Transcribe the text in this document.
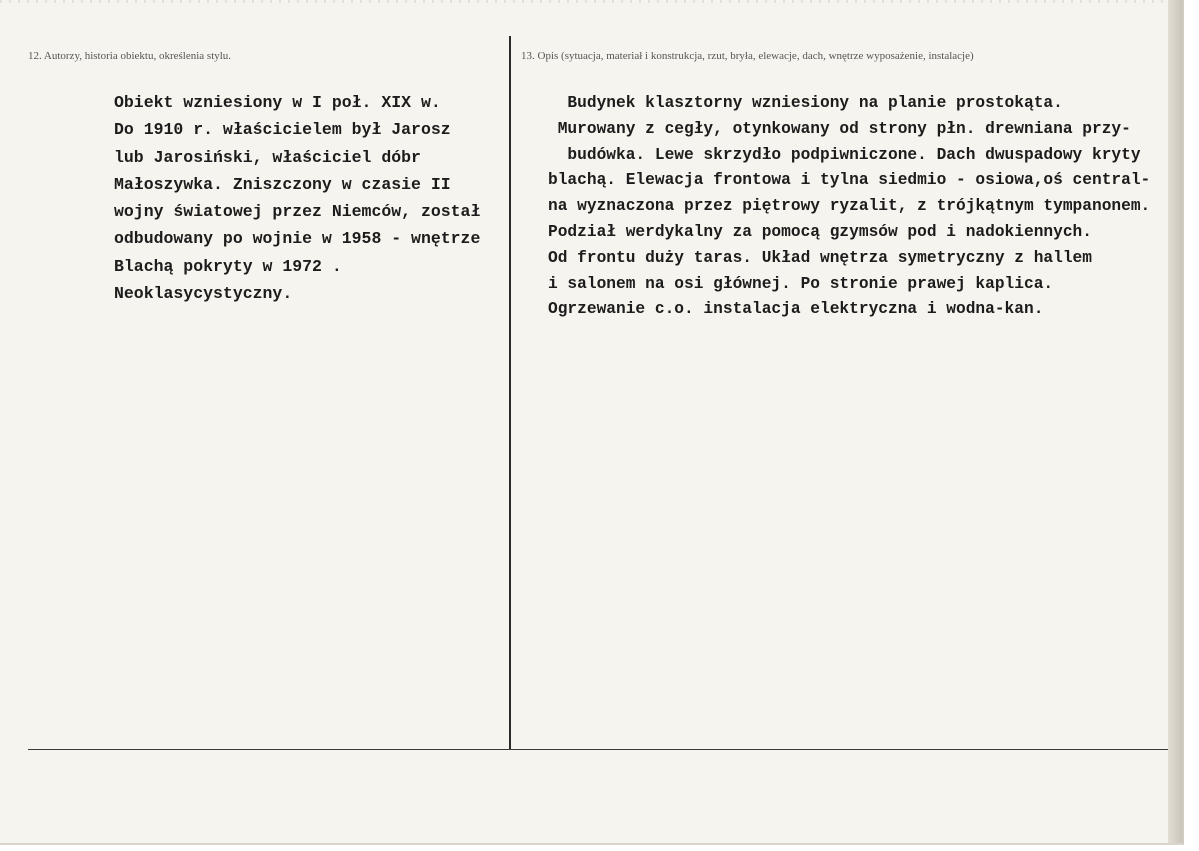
12. Autorzy, historia obiektu, określenia stylu.	13. Opis (sytuacja, materiał i konstrukcja, rzut, bryła, elewacje, dach, wnętrze wyposażenie, instalacje)
Obiekt wzniesiony w I poł. XIX w.
Do 1910 r. właścicielem był Jarosz
lub Jarosiński, właściciel dóbr
Małoszywka. Zniszczony w czasie II
wojny światowej przez Niemców, został
odbudowany po wojnie w 1958 - wnętrze
Blachą pokryty w 1972 .
Neoklasycystyczny.
Budynek klasztorny wzniesiony na planie prostokąta.
Murowany z cegły, otynkowany od strony płn. drewniana przy-
budówka. Lewe skrzydło podpiwniczone. Dach dwuspadowy kryty
blachą. Elewacja frontowa i tylna siedmio - osiowa,oś central-
na wyznaczona przez piętrowy ryzalit, z trójkątnym tympanonem.
Podział werdykalny za pomocą gzymsów pod i nadokiennych.
Od frontu duży taras. Układ wnętrza symetryczny z hallem
i salonem na osi głównej. Po stronie prawej kaplica.
Ogrzewanie c.o. instalacja elektryczna i wodna-kan.
